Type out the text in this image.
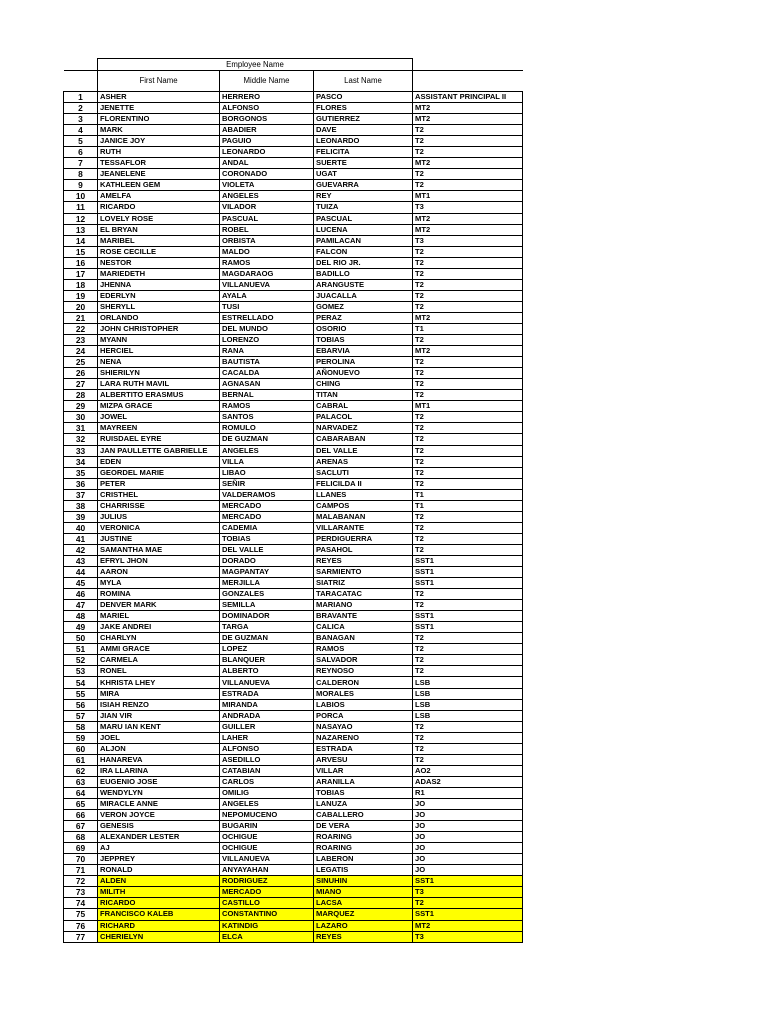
	Employee Name			
	First Name	Middle Name	Last Name	
1	ASHER	HERRERO	PASCO	ASSISTANT PRINCIPAL II
2	JENETTE	ALFONSO	FLORES	MT2
3	FLORENTINO	BORGONOS	GUTIERREZ	MT2
4	MARK	ABADIER	DAVE	T2
5	JANICE JOY	PAGUIO	LEONARDO	T2
6	RUTH	LEONARDO	FELICITA	T2
7	TESSAFLOR	ANDAL	SUERTE	MT2
8	JEANELENE	CORONADO	UGAT	T2
9	KATHLEEN GEM	VIOLETA	GUEVARRA	T2
10	AMELFA	ANGELES	REY	MT1
11	RICARDO	VILADOR	TUIZA	T3
12	LOVELY ROSE	PASCUAL	PASCUAL	MT2
13	EL BRYAN	ROBEL	LUCENA	MT2
14	MARIBEL	ORBISTA	PAMILACAN	T3
15	ROSE CECILLE	MALDO	FALCON	T2
16	NESTOR	RAMOS	DEL RIO JR.	T2
17	MARIEDETH	MAGDARAOG	BADILLO	T2
18	JHENNA	VILLANUEVA	ARANGUSTE	T2
19	EDERLYN	AYALA	JUACALLA	T2
20	SHERYLL	TUSI	GOMEZ	T2
21	ORLANDO	ESTRELLADO	PERAZ	MT2
22	JOHN CHRISTOPHER	DEL MUNDO	OSORIO	T1
23	MYANN	LORENZO	TOBIAS	T2
24	HERCIEL	RANA	EBARVIA	MT2
25	NENA	BAUTISTA	PEROLINA	T2
26	SHIERILYN	CACALDA	AÑONUEVO	T2
27	LARA RUTH MAVIL	AGNASAN	CHING	T2
28	ALBERTITO ERASMUS	BERNAL	TITAN	T2
29	MIZPA GRACE	RAMOS	CABRAL	MT1
30	JOWEL	SANTOS	PALACOL	T2
31	MAYREEN	ROMULO	NARVADEZ	T2
32	RUISDAEL EYRE	DE GUZMAN	CABARABAN	T2
33	JAN PAULLETTE GABRIELLE	ANGELES	DEL VALLE	T2
34	EDEN	VILLA	ARENAS	T2
35	GEORDEL MARIE	LIBAO	SACLUTI	T2
36	PETER	SEÑIR	FELICILDA II	T2
37	CRISTHEL	VALDERAMOS	LLANES	T1
38	CHARRISSE	MERCADO	CAMPOS	T1
39	JULIUS	MERCADO	MALABANAN	T2
40	VERONICA	CADEMIA	VILLARANTE	T2
41	JUSTINE	TOBIAS	PERDIGUERRA	T2
42	SAMANTHA MAE	DEL VALLE	PASAHOL	T2
43	EFRYL JHON	DORADO	REYES	SST1
44	AARON	MAGPANTAY	SARMIENTO	SST1
45	MYLA	MERJILLA	SIATRIZ	SST1
46	ROMINA	GONZALES	TARACATAC	T2
47	DENVER MARK	SEMILLA	MARIANO	T2
48	MARIEL	DOMINADOR	BRAVANTE	SST1
49	JAKE ANDREI	TARGA	CALICA	SST1
50	CHARLYN	DE GUZMAN	BANAGAN	T2
51	AMMI GRACE	LOPEZ	RAMOS	T2
52	CARMELA	BLANQUER	SALVADOR	T2
53	RONEL	ALBERTO	REYNOSO	T2
54	KHRISTA LHEY	VILLANUEVA	CALDERON	LSB
55	MIRA	ESTRADA	MORALES	LSB
56	ISIAH RENZO	MIRANDA	LABIOS	LSB
57	JIAN VIR	ANDRADA	PORCA	LSB
58	MARU IAN KENT	GUILLER	NASAYAO	T2
59	JOEL	LAHER	NAZARENO	T2
60	ALJON	ALFONSO	ESTRADA	T2
61	HANAREVA	ASEDILLO	ARVESU	T2
62	IRA LLARINA	CATABIAN	VILLAR	AO2
63	EUGENIO JOSE	CARLOS	ARANILLA	ADAS2
64	WENDYLYN	OMILIG	TOBIAS	R1
65	MIRACLE ANNE	ANGELES	LANUZA	JO
66	VERON JOYCE	NEPOMUCENO	CABALLERO	JO
67	GENESIS	BUGARIN	DE VERA	JO
68	ALEXANDER LESTER	OCHIGUE	ROARING	JO
69	AJ	OCHIGUE	ROARING	JO
70	JEPPREY	VILLANUEVA	LABERON	JO
71	RONALD	ANYAYAHAN	LEGATIS	JO
72	ALDEN	RODRIGUEZ	SINUHIN	SST1
73	MILITH	MERCADO	MIANO	T3
74	RICARDO	CASTILLO	LACSA	T2
75	FRANCISCO KALEB	CONSTANTINO	MARQUEZ	SST1
76	RICHARD	KATINDIG	LAZARO	MT2
77	CHERIELYN	ELCA	REYES	T3
